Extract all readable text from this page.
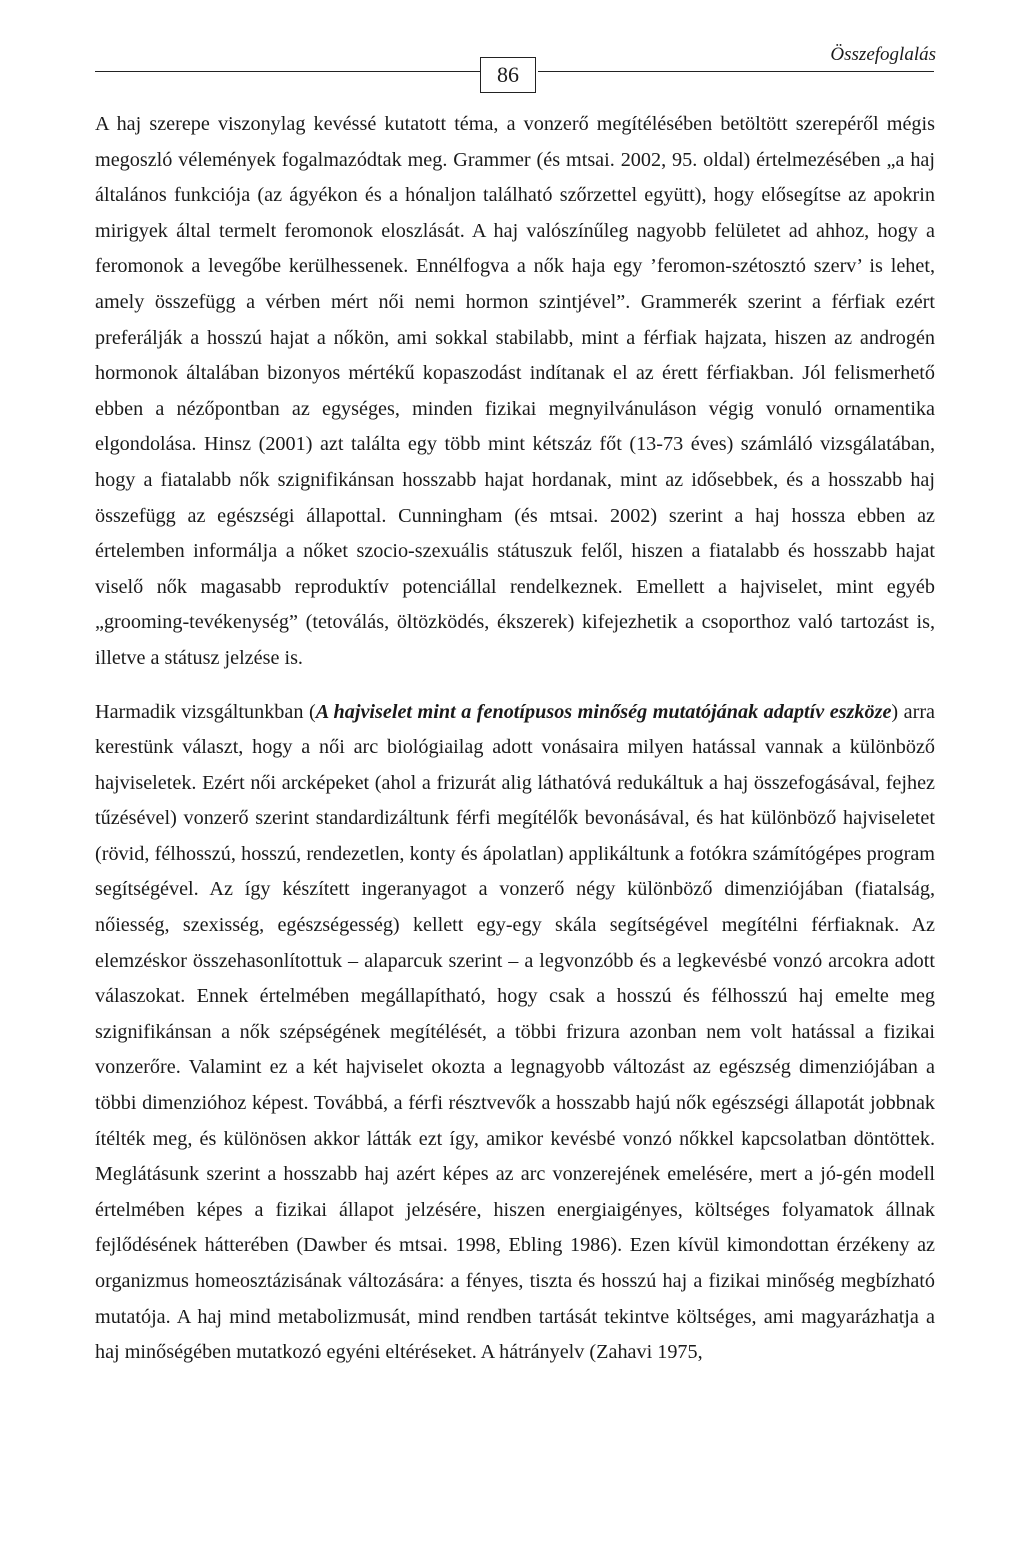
86
Összefoglalás

A haj szerepe viszonylag kevéssé kutatott téma, a vonzerő megítélésében betöltött szerepéről mégis megoszló vélemények fogalmazódtak meg. Grammer (és mtsai. 2002, 95. oldal) értelmezésében „a haj általános funkciója (az ágyékon és a hónaljon található szőrzettel együtt), hogy elősegítse az apokrin mirigyek által termelt feromonok eloszlását. A haj valószínűleg nagyobb felületet ad ahhoz, hogy a feromonok a levegőbe kerülhessenek. Ennélfogva a nők haja egy ’feromon-szétosztó szerv’ is lehet, amely összefügg a vérben mért női nemi hormon szintjével”. Grammerék szerint a férfiak ezért preferálják a hosszú hajat a nőkön, ami sokkal stabilabb, mint a férfiak hajzata, hiszen az androgén hormonok általában bizonyos mértékű kopaszodást indítanak el az érett férfiakban. Jól felismerhető ebben a nézőpontban az egységes, minden fizikai megnyilvánuláson végig vonuló ornamentika elgondolása. Hinsz (2001) azt találta egy több mint kétszáz főt (13-73 éves) számláló vizsgálatában, hogy a fiatalabb nők szignifikánsan hosszabb hajat hordanak, mint az idősebbek, és a hosszabb haj összefügg az egészségi állapottal. Cunningham (és mtsai. 2002) szerint a haj hossza ebben az értelemben informálja a nőket szocio-szexuális státuszuk felől, hiszen a fiatalabb és hosszabb hajat viselő nők magasabb reproduktív potenciállal rendelkeznek. Emellett a hajviselet, mint egyéb „grooming-tevékenység” (tetoválás, öltözködés, ékszerek) kifejezhetik a csoporthoz való tartozást is, illetve a státusz jelzése is.

Harmadik vizsgáltunkban (A hajviselet mint a fenotípusos minőség mutatójának adaptív eszköze) arra kerestünk választ, hogy a női arc biológiailag adott vonásaira milyen hatással vannak a különböző hajviseletek. Ezért női arcképeket (ahol a frizurát alig láthatóvá redukáltuk a haj összefogásával, fejhez tűzésével) vonzerő szerint standardizáltunk férfi megítélők bevonásával, és hat különböző hajviseletet (rövid, félhosszú, hosszú, rendezetlen, konty és ápolatlan) applikáltunk a fotókra számítógépes program segítségével. Az így készített ingeranyagot a vonzerő négy különböző dimenziójában (fiatalság, nőiesség, szexisség, egészségesség) kellett egy-egy skála segítségével megítélni férfiaknak. Az elemzéskor összehasonlítottuk – alaparcuk szerint – a legvonzóbb és a legkevésbé vonzó arcokra adott válaszokat. Ennek értelmében megállapítható, hogy csak a hosszú és félhosszú haj emelte meg szignifikánsan a nők szépségének megítélését, a többi frizura azonban nem volt hatással a fizikai vonzerőre. Valamint ez a két hajviselet okozta a legnagyobb változást az egészség dimenziójában a többi dimenzióhoz képest. Továbbá, a férfi résztvevők a hosszabb hajú nők egészségi állapotát jobbnak ítélték meg, és különösen akkor látták ezt így, amikor kevésbé vonzó nőkkel kapcsolatban döntöttek. Meglátásunk szerint a hosszabb haj azért képes az arc vonzerejének emelésére, mert a jó-gén modell értelmében képes a fizikai állapot jelzésére, hiszen energiaigényes, költséges folyamatok állnak fejlődésének hátterében (Dawber és mtsai. 1998, Ebling 1986). Ezen kívül kimondottan érzékeny az organizmus homeosztázisának változására: a fényes, tiszta és hosszú haj a fizikai minőség megbízható mutatója. A haj mind metabolizmusát, mind rendben tartását tekintve költséges, ami magyarázhatja a haj minőségében mutatkozó egyéni eltéréseket. A hátrányelv (Zahavi 1975,
